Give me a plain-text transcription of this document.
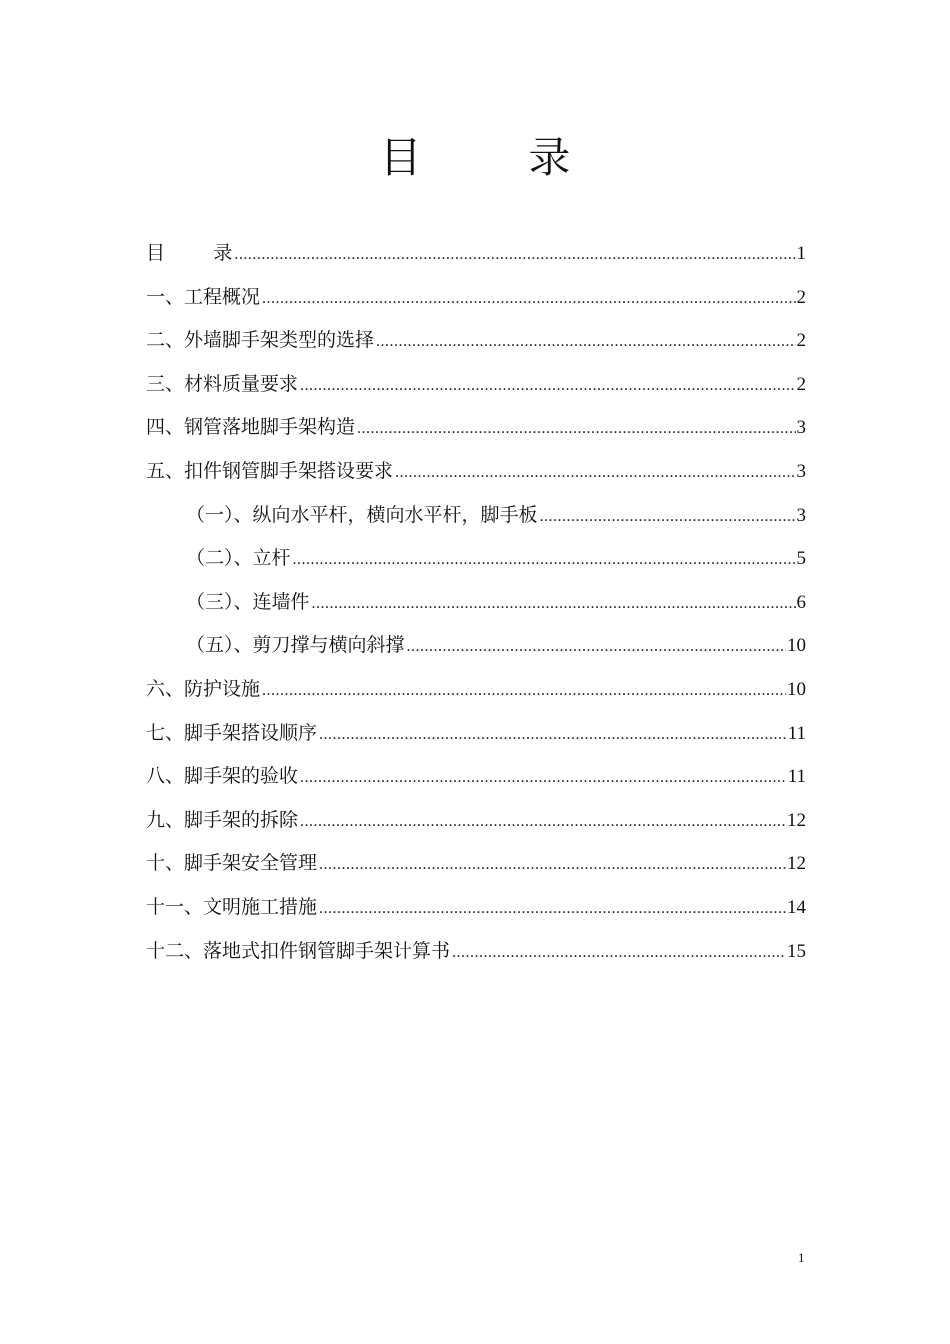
目        录
目        录 .....	1
一、工程概况 .....	2
二、外墙脚手架类型的选择 .....	2
三、材料质量要求 .....	2
四、钢管落地脚手架构造 .....	3
五、扣件钢管脚手架搭设要求 .....	3
（一）、纵向水平杆，横向水平杆，脚手板 .....	3
（二）、立杆 .....	5
（三）、连墙件 .....	6
（五）、剪刀撑与横向斜撑 .....	10
六、防护设施 .....	10
七、脚手架搭设顺序 .....	11
八、脚手架的验收 .....	11
九、脚手架的拆除 .....	12
十、脚手架安全管理 .....	12
十一、文明施工措施 .....	14
十二、落地式扣件钢管脚手架计算书 .....	15

1
